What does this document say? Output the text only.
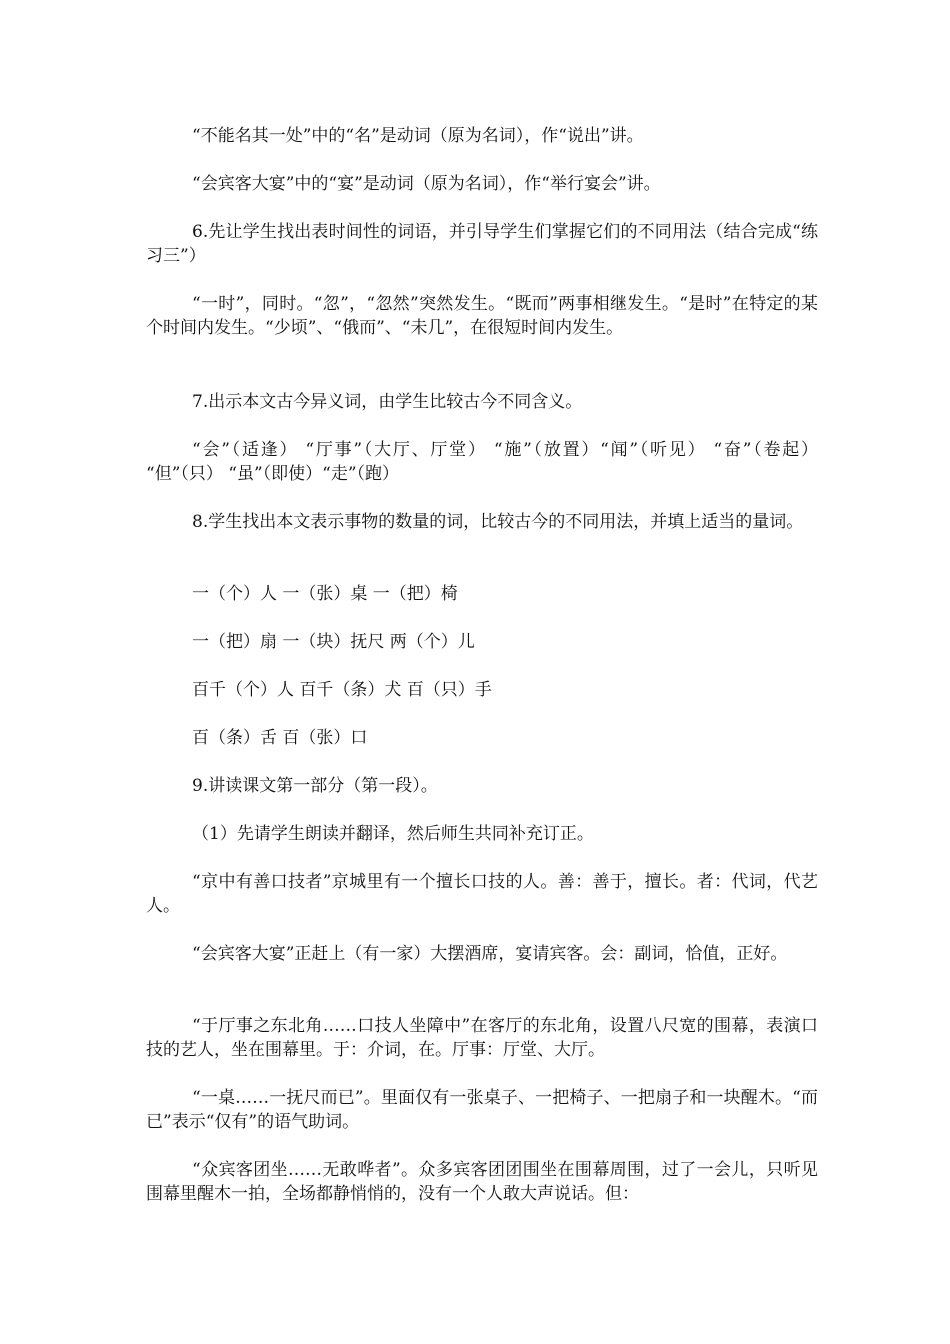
“不能名其一处”中的“名”是动词（原为名词），作“说出”讲。

“会宾客大宴”中的“宴”是动词（原为名词），作“举行宴会”讲。

6.先让学生找出表时间性的词语，并引导学生们掌握它们的不同用法（结合完成“练习三”）

“一时”，同时。“忽”，“忽然”突然发生。“既而”两事相继发生。“是时”在特定的某个时间内发生。“少顷”、“俄而”、“未几”，在很短时间内发生。

7.出示本文古今异义词，由学生比较古今不同含义。

“会”（适逢） “厅事”（大厅、厅堂） “施”（放置）“闻”（听见） “奋”（卷起） “但”（只） “虽”（即使）“走”（跑）

8.学生找出本文表示事物的数量的词，比较古今的不同用法，并填上适当的量词。

一（个）人 一（张）桌 一（把）椅

一（把）扇 一（块）抚尺 两（个）儿

百千（个）人 百千（条）犬 百（只）手

百（条）舌 百（张）口

9.讲读课文第一部分（第一段）。

（1）先请学生朗读并翻译，然后师生共同补充订正。

“京中有善口技者”京城里有一个擅长口技的人。善：善于，擅长。者：代词，代艺人。

“会宾客大宴”正赶上（有一家）大摆酒席，宴请宾客。会：副词，恰值，正好。

“于厅事之东北角……口技人坐障中”在客厅的东北角，设置八尺宽的围幕，表演口技的艺人，坐在围幕里。于：介词，在。厅事：厅堂、大厅。

“一桌……一抚尺而已”。里面仅有一张桌子、一把椅子、一把扇子和一块醒木。“而已”表示“仅有”的语气助词。

“众宾客团坐……无敢哗者”。众多宾客团团围坐在围幕周围，过了一会儿，只听见围幕里醒木一拍，全场都静悄悄的，没有一个人敢大声说话。但：
